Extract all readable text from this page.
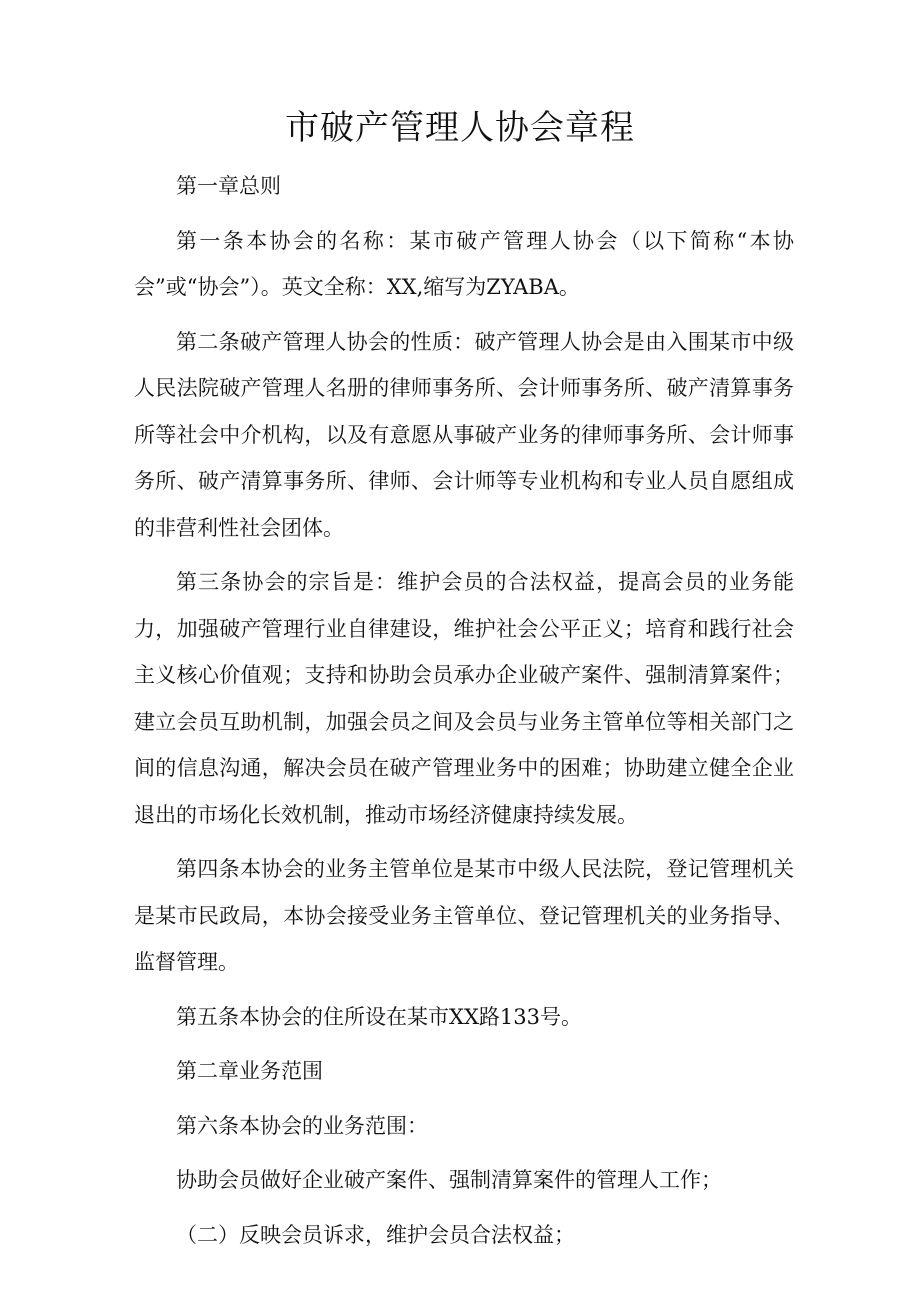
市破产管理人协会章程

第一章总则

第一条本协会的名称：某市破产管理人协会（以下简称“本协会”或“协会”）。英文全称：XX,缩写为ZYABA。

第二条破产管理人协会的性质：破产管理人协会是由入围某市中级人民法院破产管理人名册的律师事务所、会计师事务所、破产清算事务所等社会中介机构，以及有意愿从事破产业务的律师事务所、会计师事务所、破产清算事务所、律师、会计师等专业机构和专业人员自愿组成的非营利性社会团体。

第三条协会的宗旨是：维护会员的合法权益，提高会员的业务能力，加强破产管理行业自律建设，维护社会公平正义；培育和践行社会主义核心价值观；支持和协助会员承办企业破产案件、强制清算案件；建立会员互助机制，加强会员之间及会员与业务主管单位等相关部门之间的信息沟通，解决会员在破产管理业务中的困难；协助建立健全企业退出的市场化长效机制，推动市场经济健康持续发展。

第四条本协会的业务主管单位是某市中级人民法院，登记管理机关是某市民政局，本协会接受业务主管单位、登记管理机关的业务指导、监督管理。

第五条本协会的住所设在某市XX路133号。

第二章业务范围

第六条本协会的业务范围：

协助会员做好企业破产案件、强制清算案件的管理人工作；

（二）反映会员诉求，维护会员合法权益；
